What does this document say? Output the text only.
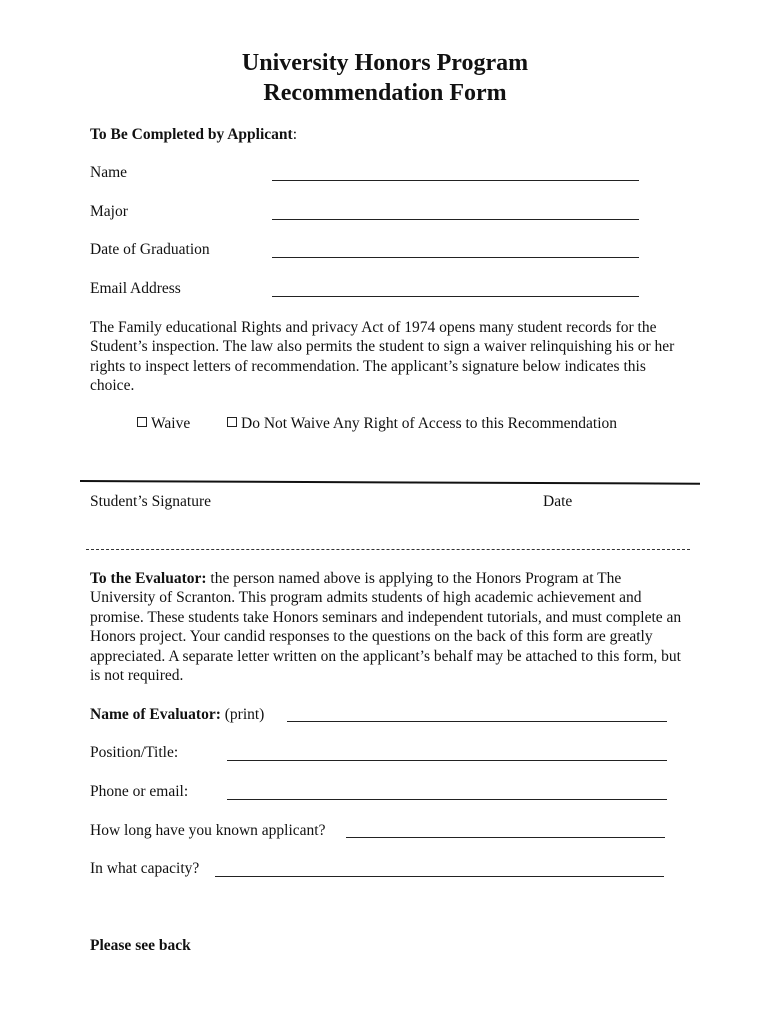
University Honors Program
Recommendation Form
To Be Completed by Applicant:
Name
Major
Date of Graduation
Email Address
The Family educational Rights and privacy Act of 1974 opens many student records for the Student’s inspection. The law also permits the student to sign a waiver relinquishing his or her rights to inspect letters of recommendation. The applicant’s signature below indicates this choice.
Waive	Do Not Waive Any Right of Access to this Recommendation
Student’s Signature	Date
To the Evaluator: the person named above is applying to the Honors Program at The University of Scranton. This program admits students of high academic achievement and promise. These students take Honors seminars and independent tutorials, and must complete an Honors project. Your candid responses to the questions on the back of this form are greatly appreciated. A separate letter written on the applicant’s behalf may be attached to this form, but is not required.
Name of Evaluator: (print)
Position/Title:
Phone or email:
How long have you known applicant?
In what capacity?
Please see back
